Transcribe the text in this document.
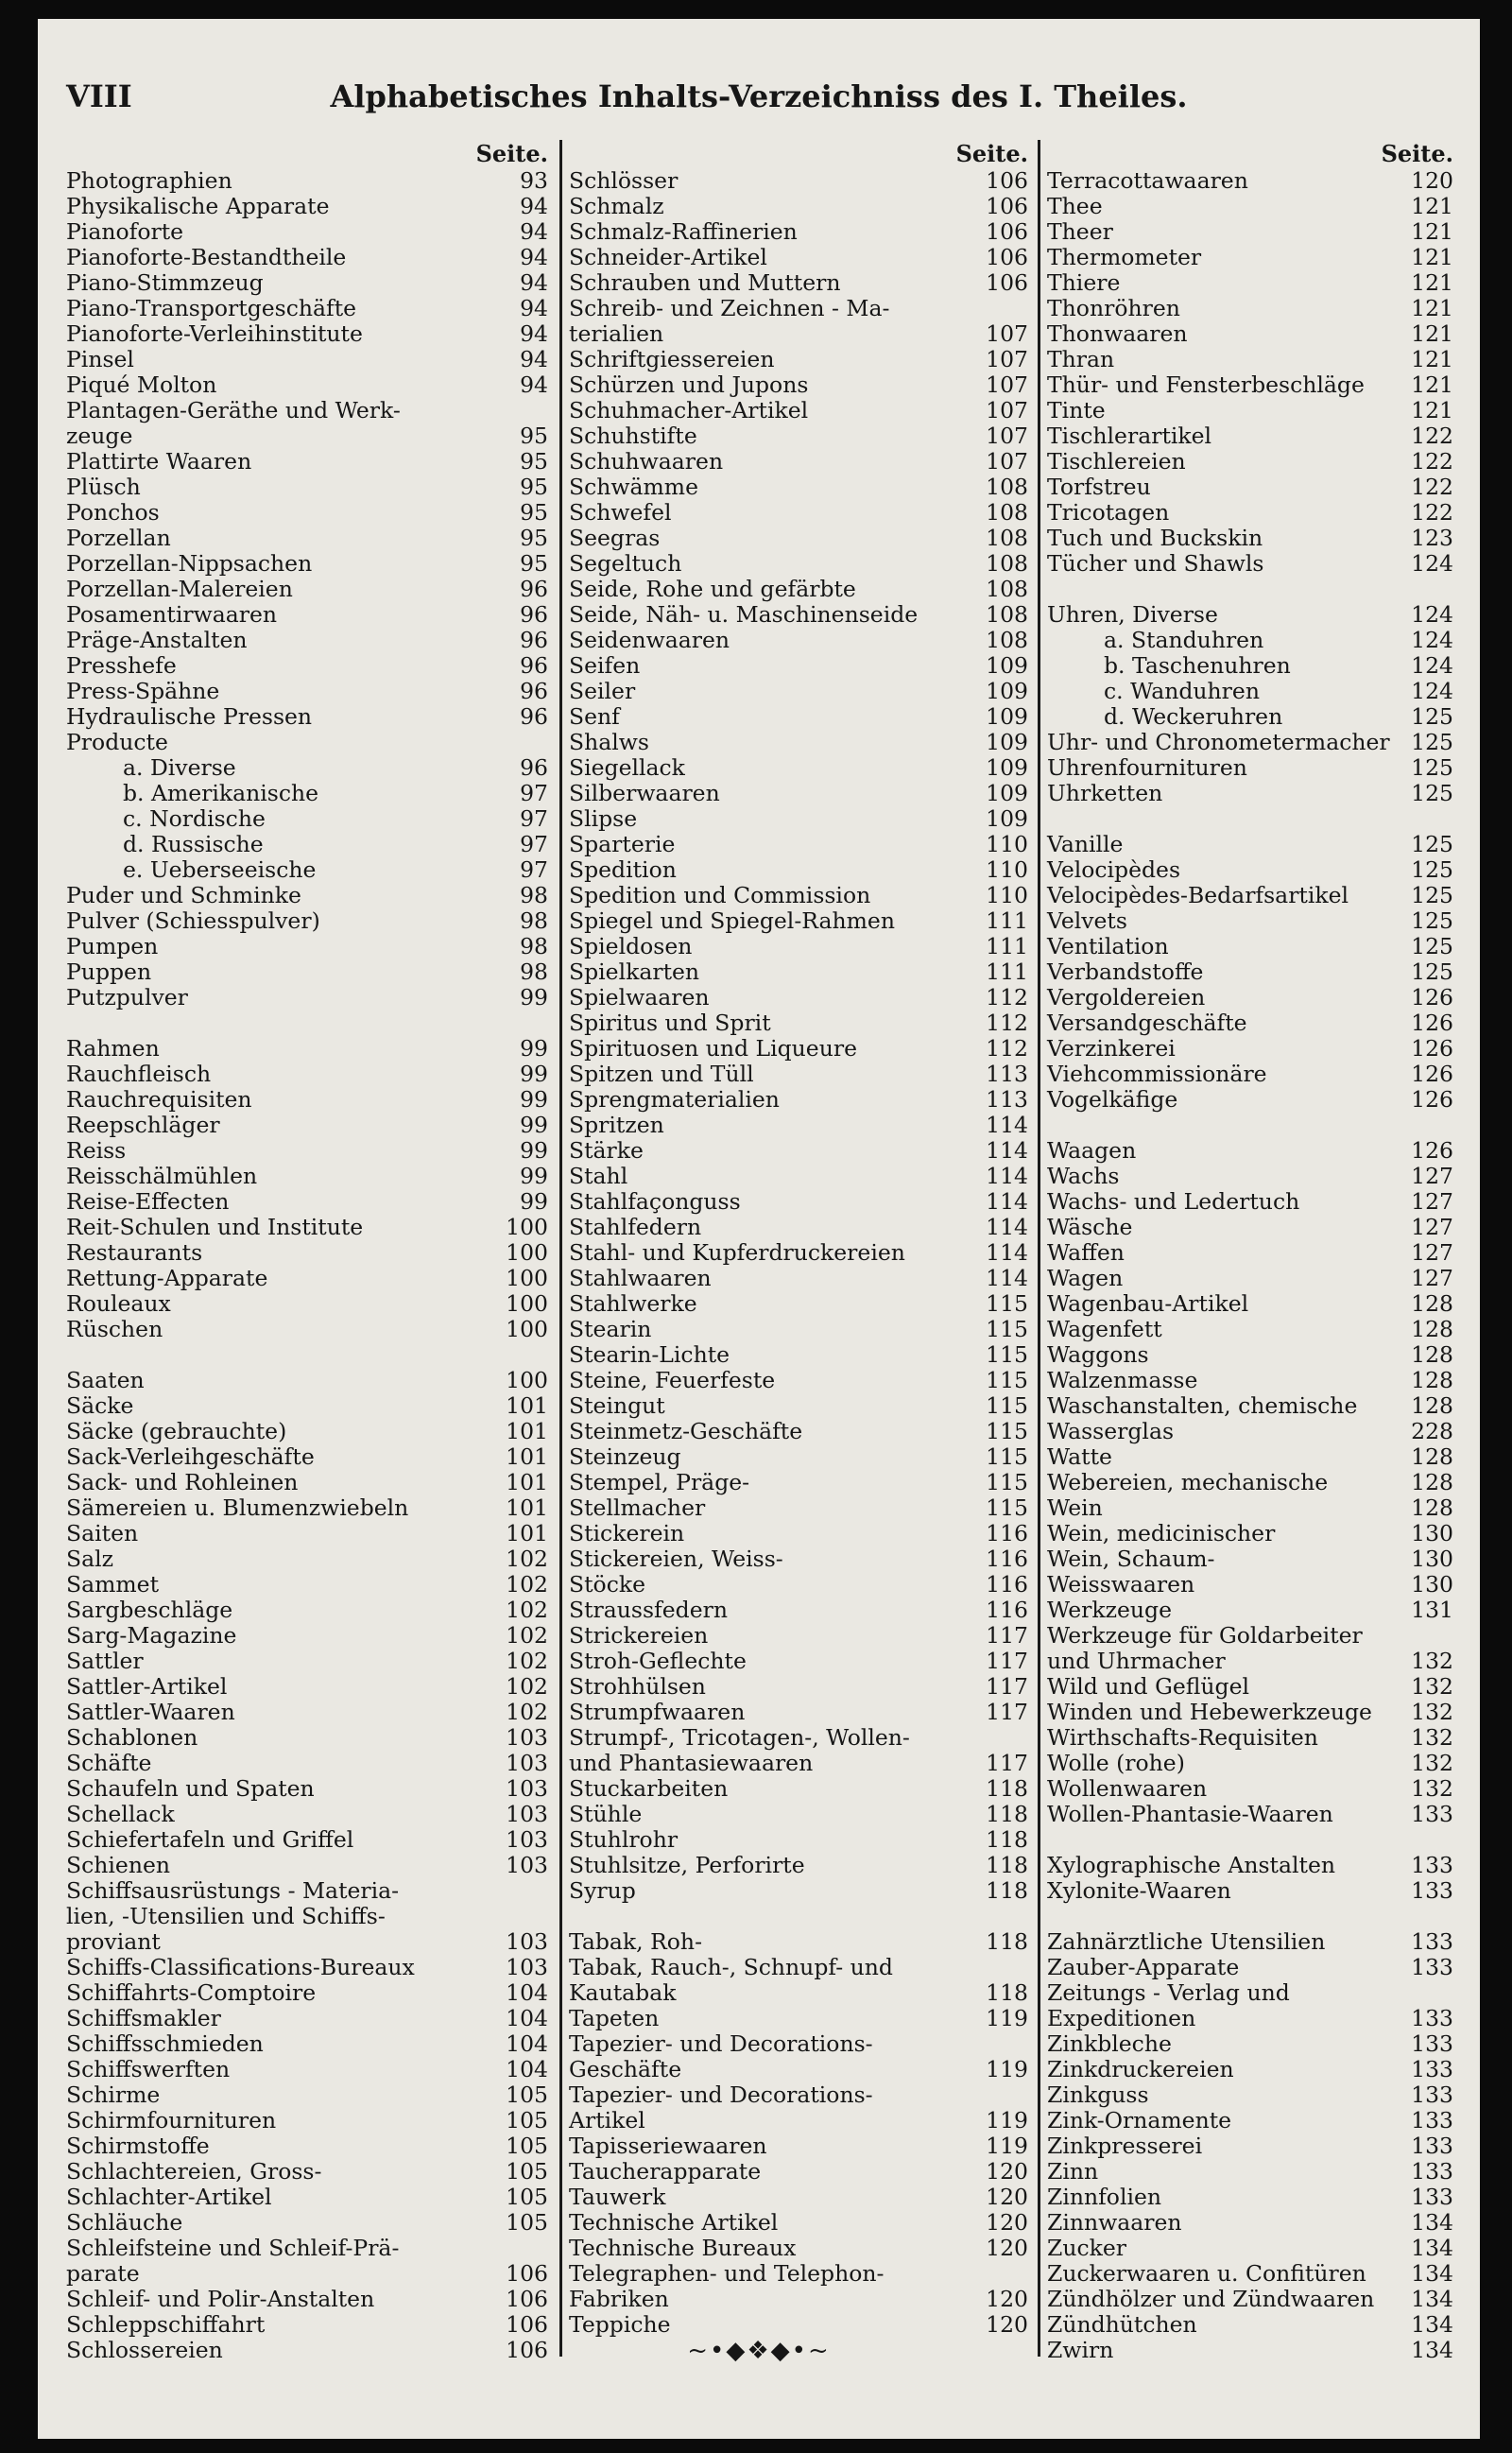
VIII	Alphabetisches Inhalts-Verzeichniss des I. Theiles.
Seite.
Photographien	93
Physikalische Apparate	94
Pianoforte	94
Pianoforte-Bestandtheile	94
Piano-Stimmzeug	94
Piano-Transportgeschäfte	94
Pianoforte-Verleihinstitute	94
Pinsel	94
Piqué Molton	94
Plantagen-Geräthe und Werk-
zeuge	95
Plattirte Waaren	95
Plüsch	95
Ponchos	95
Porzellan	95
Porzellan-Nippsachen	95
Porzellan-Malereien	96
Posamentirwaaren	96
Präge-Anstalten	96
Presshefe	96
Press-Spähne	96
Hydraulische Pressen	96
Producte
a. Diverse	96
b. Amerikanische	97
c. Nordische	97
d. Russische	97
e. Ueberseeische	97
Puder und Schminke	98
Pulver (Schiesspulver)	98
Pumpen	98
Puppen	98
Putzpulver	99
Rahmen	99
Rauchfleisch	99
Rauchrequisiten	99
Reepschläger	99
Reiss	99
Reisschälmühlen	99
Reise-Effecten	99
Reit-Schulen und Institute	100
Restaurants	100
Rettung-Apparate	100
Rouleaux	100
Rüschen	100
Saaten	100
Säcke	101
Säcke (gebrauchte)	101
Sack-Verleihgeschäfte	101
Sack- und Rohleinen	101
Sämereien u. Blumenzwiebeln	101
Saiten	101
Salz	102
Sammet	102
Sargbeschläge	102
Sarg-Magazine	102
Sattler	102
Sattler-Artikel	102
Sattler-Waaren	102
Schablonen	103
Schäfte	103
Schaufeln und Spaten	103
Schellack	103
Schiefertafeln und Griffel	103
Schienen	103
Schiffsausrüstungs - Materia-
lien, -Utensilien und Schiffs-
proviant	103
Schiffs-Classifications-Bureaux	103
Schiffahrts-Comptoire	104
Schiffsmakler	104
Schiffsschmieden	104
Schiffswerften	104
Schirme	105
Schirmfournituren	105
Schirmstoffe	105
Schlachtereien, Gross-	105
Schlachter-Artikel	105
Schläuche	105
Schleifsteine und Schleif-Prä-
parate	106
Schleif- und Polir-Anstalten	106
Schleppschiffahrt	106
Schlossereien	106
Seite.
Schlösser	106
Schmalz	106
Schmalz-Raffinerien	106
Schneider-Artikel	106
Schrauben und Muttern	106
Schreib- und Zeichnen - Ma-
terialien	107
Schriftgiessereien	107
Schürzen und Jupons	107
Schuhmacher-Artikel	107
Schuhstifte	107
Schuhwaaren	107
Schwämme	108
Schwefel	108
Seegras	108
Segeltuch	108
Seide, Rohe und gefärbte	108
Seide, Näh- u. Maschinenseide	108
Seidenwaaren	108
Seifen	109
Seiler	109
Senf	109
Shalws	109
Siegellack	109
Silberwaaren	109
Slipse	109
Sparterie	110
Spedition	110
Spedition und Commission	110
Spiegel und Spiegel-Rahmen	111
Spieldosen	111
Spielkarten	111
Spielwaaren	112
Spiritus und Sprit	112
Spirituosen und Liqueure	112
Spitzen und Tüll	113
Sprengmaterialien	113
Spritzen	114
Stärke	114
Stahl	114
Stahlfaçonguss	114
Stahlfedern	114
Stahl- und Kupferdruckereien	114
Stahlwaaren	114
Stahlwerke	115
Stearin	115
Stearin-Lichte	115
Steine, Feuerfeste	115
Steingut	115
Steinmetz-Geschäfte	115
Steinzeug	115
Stempel, Präge-	115
Stellmacher	115
Stickerein	116
Stickereien, Weiss-	116
Stöcke	116
Straussfedern	116
Strickereien	117
Stroh-Geflechte	117
Strohhülsen	117
Strumpfwaaren	117
Strumpf-, Tricotagen-, Wollen-
und Phantasiewaaren	117
Stuckarbeiten	118
Stühle	118
Stuhlrohr	118
Stuhlsitze, Perforirte	118
Syrup	118
Tabak, Roh-	118
Tabak, Rauch-, Schnupf- und
Kautabak	118
Tapeten	119
Tapezier- und Decorations-
Geschäfte	119
Tapezier- und Decorations-
Artikel	119
Tapisseriewaaren	119
Taucherapparate	120
Tauwerk	120
Technische Artikel	120
Technische Bureaux	120
Telegraphen- und Telephon-
Fabriken	120
Teppiche	120
Seite.
Terracottawaaren	120
Thee	121
Theer	121
Thermometer	121
Thiere	121
Thonröhren	121
Thonwaaren	121
Thran	121
Thür- und Fensterbeschläge	121
Tinte	121
Tischlerartikel	122
Tischlereien	122
Torfstreu	122
Tricotagen	122
Tuch und Buckskin	123
Tücher und Shawls	124
Uhren, Diverse	124
a. Standuhren	124
b. Taschenuhren	124
c. Wanduhren	124
d. Weckeruhren	125
Uhr- und Chronometermacher 125
Uhrenfournituren	125
Uhrketten	125
Vanille	125
Velocipèdes	125
Velocipèdes-Bedarfsartikel	125
Velvets	125
Ventilation	125
Verbandstoffe	125
Vergoldereien	126
Versandgeschäfte	126
Verzinkerei	126
Viehcommissionäre	126
Vogelkäfige	126
Waagen	126
Wachs	127
Wachs- und Ledertuch	127
Wäsche	127
Waffen	127
Wagen	127
Wagenbau-Artikel	128
Wagenfett	128
Waggons	128
Walzenmasse	128
Waschanstalten, chemische	128
Wasserglas	228
Watte	128
Webereien, mechanische	128
Wein	128
Wein, medicinischer	130
Wein, Schaum-	130
Weisswaaren	130
Werkzeuge	131
Werkzeuge für Goldarbeiter
und Uhrmacher	132
Wild und Geflügel	132
Winden und Hebewerkzeuge	132
Wirthschafts-Requisiten	132
Wolle (rohe)	132
Wollenwaaren	132
Wollen-Phantasie-Waaren	133
Xylographische Anstalten	133
Xylonite-Waaren	133
Zahnärztliche Utensilien	133
Zauber-Apparate	133
Zeitungs - Verlag und
Expeditionen	133
Zinkbleche	133
Zinkdruckereien	133
Zinkguss	133
Zink-Ornamente	133
Zinkpresserei	133
Zinn	133
Zinnfolien	133
Zinnwaaren	134
Zucker	134
Zuckerwaaren u. Confitüren	134
Zündhölzer und Zündwaaren	134
Zündhütchen	134
Zwirn	134
~•◆❖◆•~
